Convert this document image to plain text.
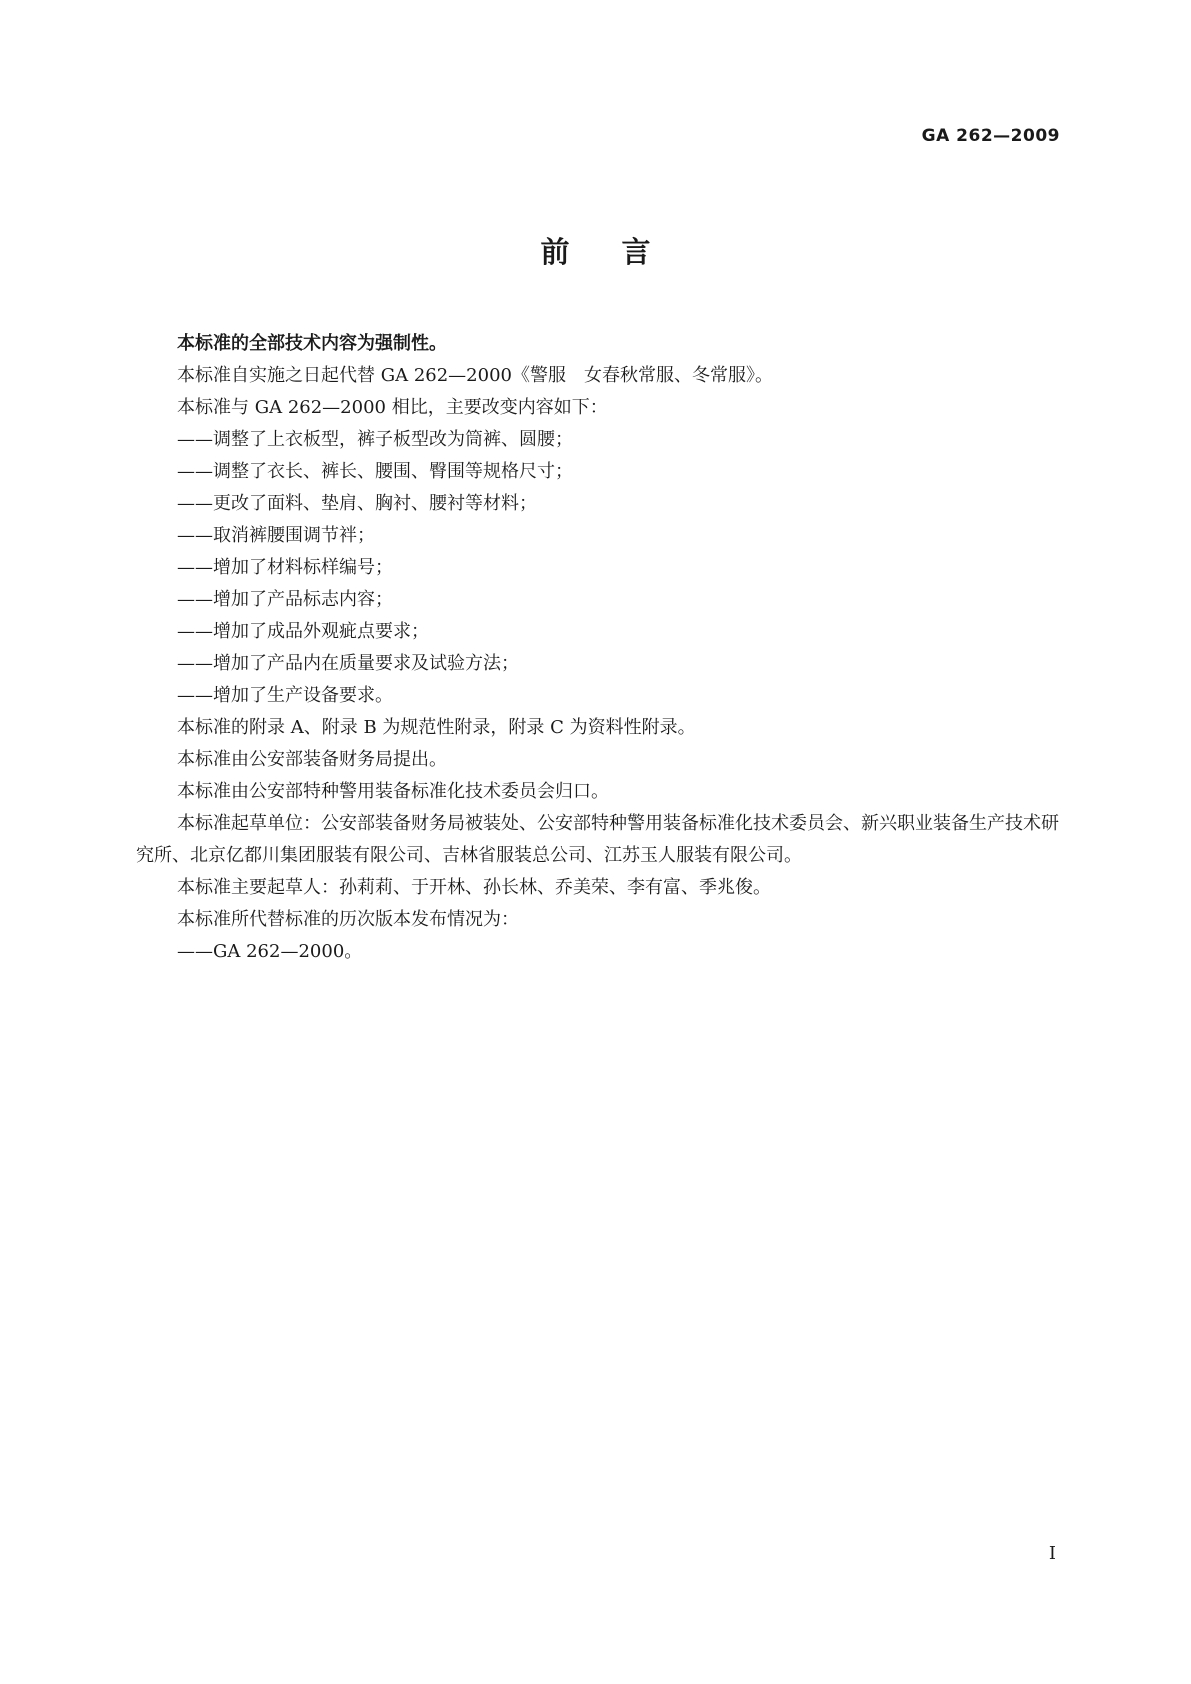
GA 262—2009
前言

本标准的全部技术内容为强制性。

本标准自实施之日起代替 GA 262—2000《警服　女春秋常服、冬常服》。

本标准与 GA 262—2000 相比，主要改变内容如下：

——调整了上衣板型，裤子板型改为筒裤、圆腰；

——调整了衣长、裤长、腰围、臀围等规格尺寸；

——更改了面料、垫肩、胸衬、腰衬等材料；

——取消裤腰围调节袢；

——增加了材料标样编号；

——增加了产品标志内容；

——增加了成品外观疵点要求；

——增加了产品内在质量要求及试验方法；

——增加了生产设备要求。

本标准的附录 A、附录 B 为规范性附录，附录 C 为资料性附录。

本标准由公安部装备财务局提出。

本标准由公安部特种警用装备标准化技术委员会归口。

本标准起草单位：公安部装备财务局被装处、公安部特种警用装备标准化技术委员会、新兴职业装备生产技术研究所、北京亿都川集团服装有限公司、吉林省服装总公司、江苏玉人服装有限公司。

本标准主要起草人：孙莉莉、于开林、孙长林、乔美荣、李有富、季兆俊。

本标准所代替标准的历次版本发布情况为：

——GA 262—2000。

I
